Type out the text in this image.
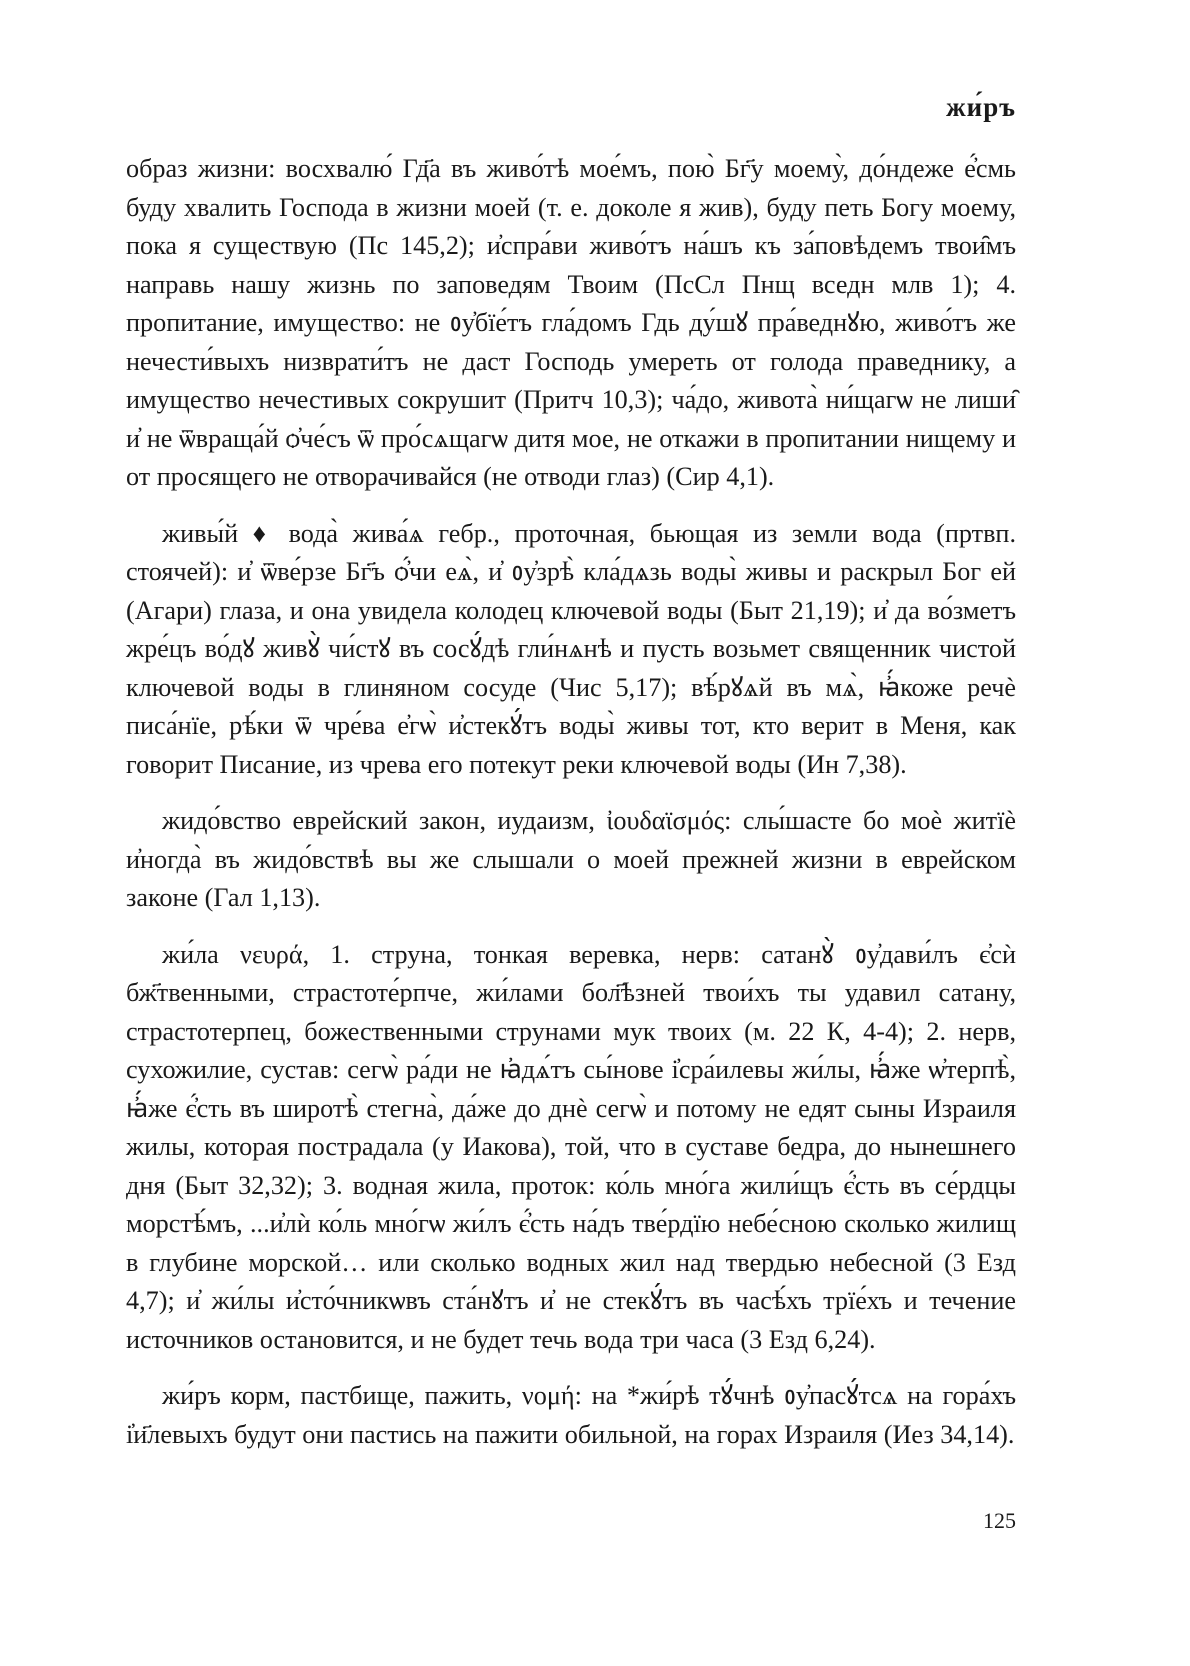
жи́ръ

образ жизни: восхвалю́ Гд҃а въ живо́тѣ мое́мъ, пою̀ Бг҃у моему̀, до́ндеже е҆́смь буду хвалить Господа в жизни моей (т. е. доколе я жив), буду петь Богу моему, пока я существую (Пс 145,2); и҆спра́ви живо́тъ на́шъ къ за́повѣдемъ твои̑мъ направь нашу жизнь по заповедям Твоим (ПсСл Пнщ вседн млв 1); 4. пропитание, имущество: не ᲂу҆бїе́тъ гла́домъ Гдь ду́шꙋ пра́веднꙋю, живо́тъ же нечести́выхъ низврати́тъ не даст Господь умереть от голода праведнику, а имущество нечестивых сокрушит (Притч 10,3); ча́до, живота̀ ни́щагѡ не лиши̑ и҆ не ѿвраща́й ѻ҆че́съ ѿ про́сѧщагѡ дитя мое, не откажи в пропитании нищему и от просящего не отворачивайся (не отводи глаз) (Сир 4,1).

живы́й ♦ вода̀ жива́ѧ гебр., проточная, бьющая из земли вода (пртвп. стоячей): и҆ ѿве́рзе Бг҃ъ ѻ҆́чи еѧ̀, и҆ ᲂу҆зрѣ̀ кла́дѧзь воды̀ живы и раскрыл Бог ей (Агари) глаза, и она увидела колодец ключевой воды (Быт 21,19); и҆ да во́зметъ жре́цъ во́дꙋ живꙋ̀ чи́стꙋ въ сосꙋ́дѣ гли́нѧнѣ и пусть возьмет священник чистой ключевой воды в глиняном сосуде (Чис 5,17); вѣ́рꙋѧй въ мѧ̀, ꙗ҆́коже речѐ писа́нїе, рѣ́ки ѿ чре́ва е҆гѡ̀ и҆стекꙋ́тъ воды̀ живы тот, кто верит в Меня, как говорит Писание, из чрева его потекут реки ключевой воды (Ин 7,38).

жидо́вство еврейский закон, иудаизм, ἰουδαϊσμός: слы́шасте бо моѐ житїѐ и҆ногда̀ въ жидо́вствѣ вы же слышали о моей прежней жизни в еврейском законе (Гал 1,13).

жи́ла νευρά, 1. струна, тонкая веревка, нерв: сатанꙋ̀ ᲂу҆дави́лъ є҆сѝ бж҃твенными, страстоте́рпче, жи́лами бол҃ѣзней твои́хъ ты удавил сатану, страстотерпец, божественными струнами мук твоих (м. 22 К, 4-4); 2. нерв, сухожилие, сустав: сегѡ̀ ра́ди не ꙗ҆дѧ́тъ сы́нове і҆сра́илевы жи́лы, ꙗ҆́же ѡ҆терпѣ̀, ꙗ҆́же є҆́сть въ широтѣ̀ стегна̀, да́же до днѐ сегѡ̀ и потому не едят сыны Израиля жилы, которая пострадала (у Иакова), той, что в суставе бедра, до нынешнего дня (Быт 32,32); 3. водная жила, проток: ко́ль мно́га жили́щъ є҆́сть въ се́рдцы морстѣ́мъ, ...и҆лѝ ко́ль мно́гѡ жи́лъ є҆́сть на́дъ тве́рдїю небе́сною сколько жилищ в глубине морской… или сколько водных жил над твердью небесной (3 Езд 4,7); и҆ жи́лы и҆сто́чникѡвъ ста́нꙋтъ и҆ не стекꙋ́тъ въ часѣ́хъ трїе́хъ и течение источников остановится, и не будет течь вода три часа (3 Езд 6,24).

жи́ръ корм, пастбище, пажить, νομή: на *жи́рѣ тꙋ́чнѣ ᲂу҆пасꙋ́тсѧ на гора́хъ і҆и҃левыхъ будут они пастись на пажити обильной, на горах Израиля (Иез 34,14).

125
